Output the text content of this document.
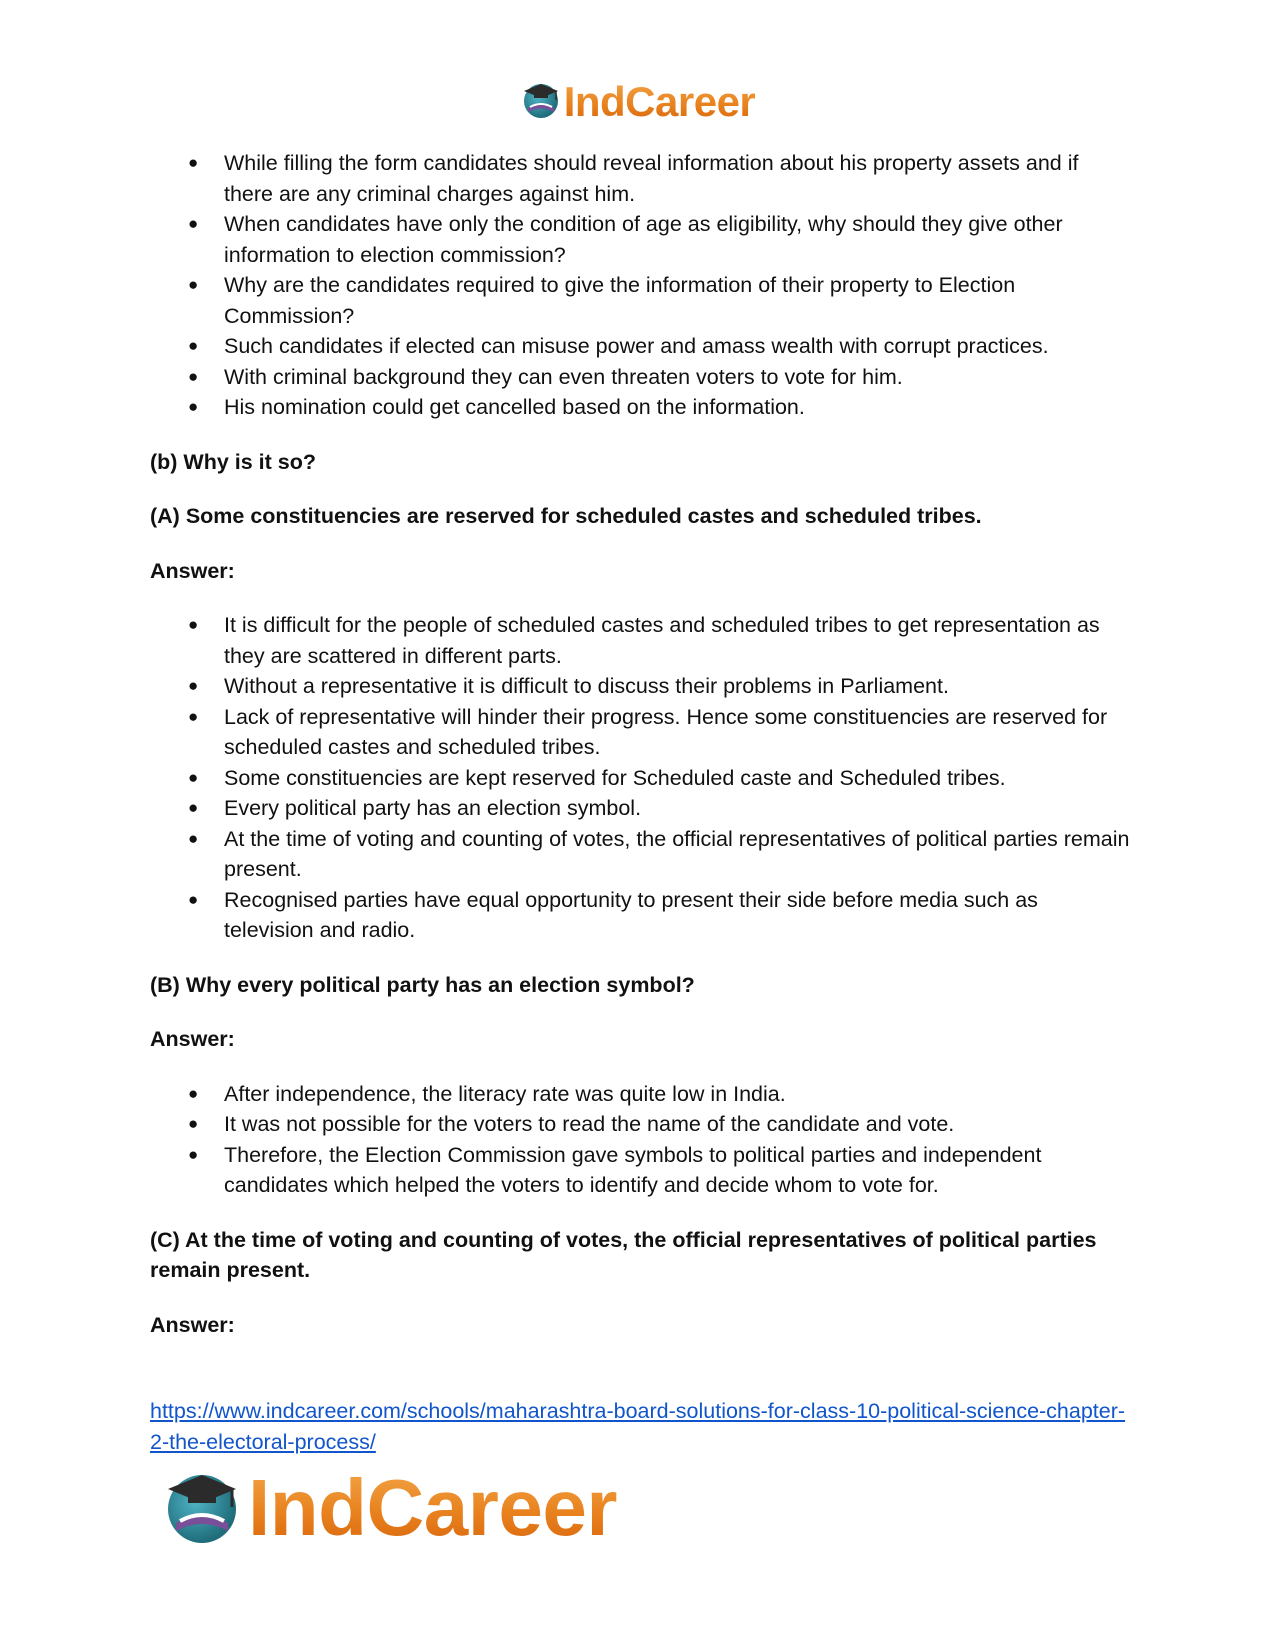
IndCareer
● While filling the form candidates should reveal information about his property assets and if there are any criminal charges against him.
● When candidates have only the condition of age as eligibility, why should they give other information to election commission?
● Why are the candidates required to give the information of their property to Election Commission?
● Such candidates if elected can misuse power and amass wealth with corrupt practices.
● With criminal background they can even threaten voters to vote for him.
● His nomination could get cancelled based on the information.

(b) Why is it so?

(A) Some constituencies are reserved for scheduled castes and scheduled tribes.

Answer:

● It is difficult for the people of scheduled castes and scheduled tribes to get representation as they are scattered in different parts.
● Without a representative it is difficult to discuss their problems in Parliament.
● Lack of representative will hinder their progress. Hence some constituencies are reserved for scheduled castes and scheduled tribes.
● Some constituencies are kept reserved for Scheduled caste and Scheduled tribes.
● Every political party has an election symbol.
● At the time of voting and counting of votes, the official representatives of political parties remain present.
● Recognised parties have equal opportunity to present their side before media such as television and radio.

(B) Why every political party has an election symbol?

Answer:

● After independence, the literacy rate was quite low in India.
● It was not possible for the voters to read the name of the candidate and vote.
● Therefore, the Election Commission gave symbols to political parties and independent candidates which helped the voters to identify and decide whom to vote for.

(C) At the time of voting and counting of votes, the official representatives of political parties remain present.

Answer:

https://www.indcareer.com/schools/maharashtra-board-solutions-for-class-10-political-science-chapter-2-the-electoral-process/
IndCareer
